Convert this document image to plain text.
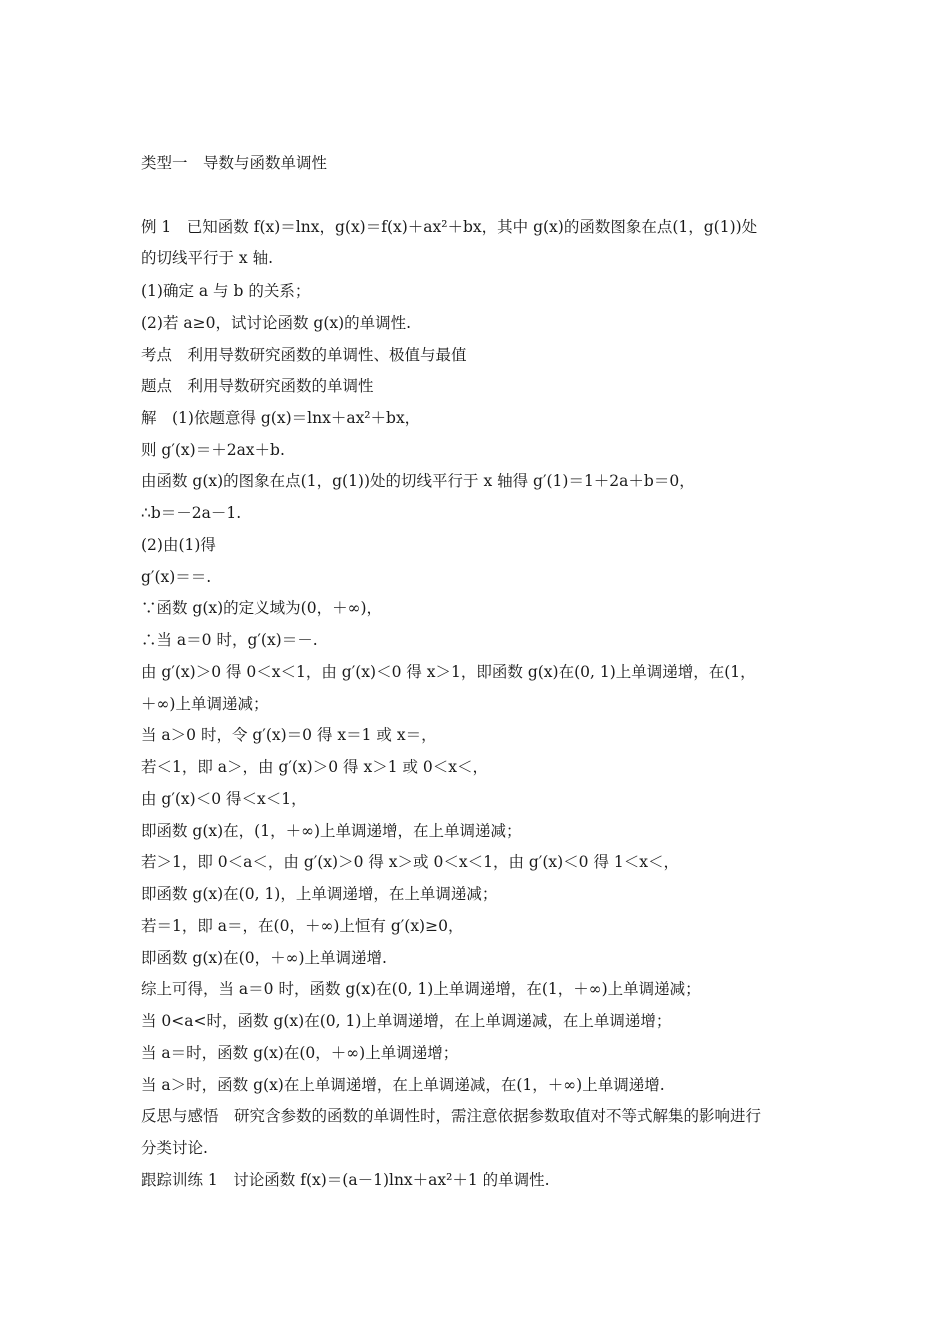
类型一　导数与函数单调性

例 1　已知函数 f(x)＝lnx，g(x)＝f(x)＋ax²＋bx，其中 g(x)的函数图象在点(1，g(1))处

的切线平行于 x 轴.

(1)确定 a 与 b 的关系；

(2)若 a≥0，试讨论函数 g(x)的单调性.

考点　利用导数研究函数的单调性、极值与最值

题点　利用导数研究函数的单调性

解　(1)依题意得 g(x)＝lnx＋ax²＋bx，

则 g′(x)＝＋2ax＋b.

由函数 g(x)的图象在点(1，g(1))处的切线平行于 x 轴得 g′(1)＝1＋2a＋b＝0，

∴b＝－2a－1.

(2)由(1)得

g′(x)＝＝.

∵函数 g(x)的定义域为(0，＋∞)，

∴当 a＝0 时，g′(x)＝－.

由 g′(x)＞0 得 0＜x＜1，由 g′(x)＜0 得 x＞1，即函数 g(x)在(0, 1)上单调递增，在(1，

＋∞)上单调递减；

当 a＞0 时，令 g′(x)＝0 得 x＝1 或 x＝，

若＜1，即 a＞，由 g′(x)＞0 得 x＞1 或 0＜x＜，

由 g′(x)＜0 得＜x＜1，

即函数 g(x)在，(1，＋∞)上单调递增，在上单调递减；

若＞1，即 0＜a＜，由 g′(x)＞0 得 x＞或 0＜x＜1，由 g′(x)＜0 得 1＜x＜，

即函数 g(x)在(0, 1)，上单调递增，在上单调递减；

若＝1，即 a＝，在(0，＋∞)上恒有 g′(x)≥0，

即函数 g(x)在(0，＋∞)上单调递增.

综上可得，当 a＝0 时，函数 g(x)在(0, 1)上单调递增，在(1，＋∞)上单调递减；

当 0<a<时，函数 g(x)在(0, 1)上单调递增，在上单调递减，在上单调递增；

当 a＝时，函数 g(x)在(0，＋∞)上单调递增；

当 a＞时，函数 g(x)在上单调递增，在上单调递减，在(1，＋∞)上单调递增.

反思与感悟　研究含参数的函数的单调性时，需注意依据参数取值对不等式解集的影响进行

分类讨论.

跟踪训练 1　讨论函数 f(x)＝(a－1)lnx＋ax²＋1 的单调性.
